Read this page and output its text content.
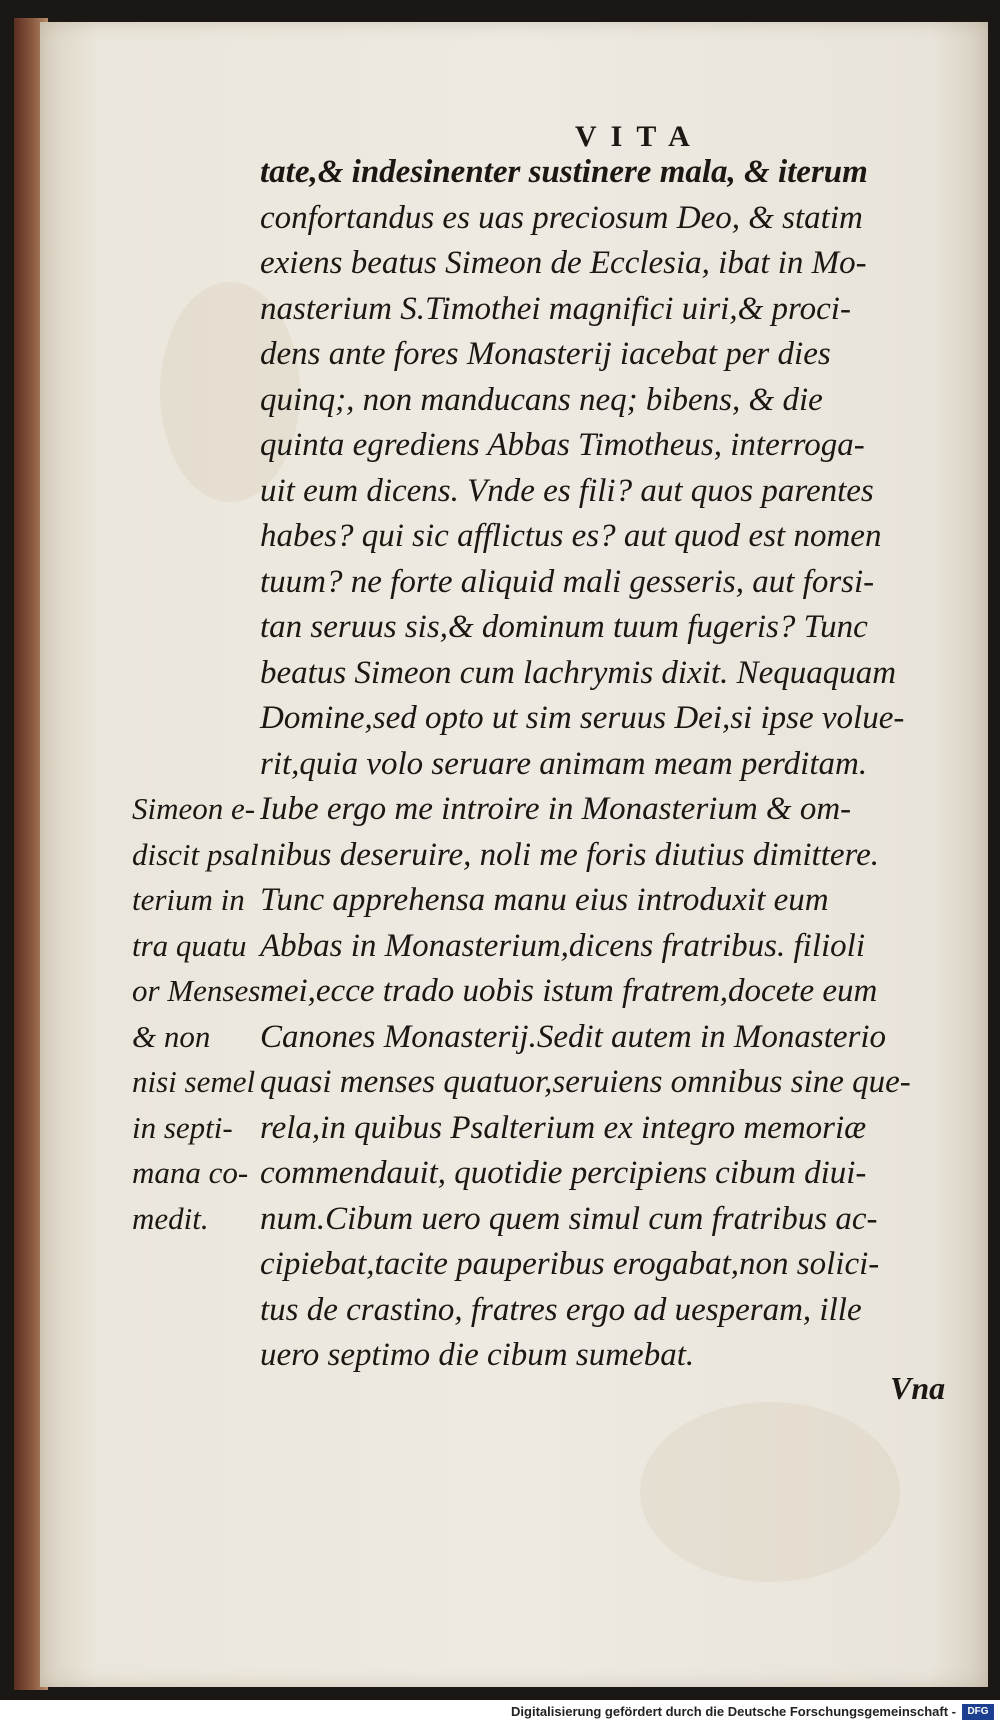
VITA
tate,& indesinenter sustinere mala, & iterum
confortandus es uas preciosum Deo, & statim
exiens beatus Simeon de Ecclesia, ibat in Mo-
nasterium S.Timothei magnifici uiri,& proci-
dens ante fores Monasterij iacebat per dies
quinq;, non manducans neq; bibens, & die
quinta egrediens Abbas Timotheus, interroga-
uit eum dicens. Vnde es fili? aut quos parentes
habes? qui sic afflictus es? aut quod est nomen
tuum? ne forte aliquid mali gesseris, aut forsi-
tan seruus sis,& dominum tuum fugeris? Tunc
beatus Simeon cum lachrymis dixit. Nequaquam
Domine,sed opto ut sim seruus Dei,si ipse volue-
rit,quia volo seruare animam meam perditam.
Iube ergo me introire in Monasterium & om-
nibus deseruire, noli me foris diutius dimittere.
Tunc apprehensa manu eius introduxit eum
Abbas in Monasterium,dicens fratribus. filioli
mei,ecce trado uobis istum fratrem,docete eum
Canones Monasterij.Sedit autem in Monasterio
quasi menses quatuor,seruiens omnibus sine que-
rela,in quibus Psalterium ex integro memoriæ
commendauit, quotidie percipiens cibum diui-
num.Cibum uero quem simul cum fratribus ac-
cipiebat,tacite pauperibus erogabat,non solici-
tus de crastino, fratres ergo ad uesperam, ille
uero septimo die cibum sumebat.
Simeon e-
discit psal
terium in
tra quatu
or Menses
& non
nisi semel
in septi-
mana co-
medit.
Vna
Digitalisierung gefördert durch die Deutsche Forschungsgemeinschaft -	DFG
